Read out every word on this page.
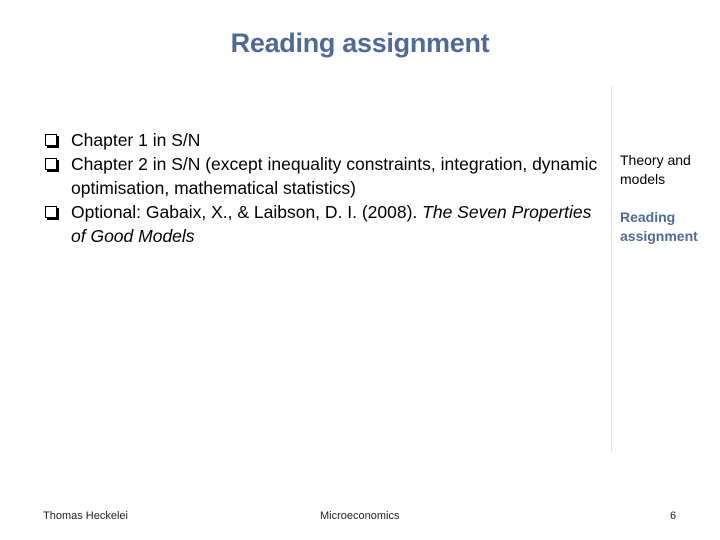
Reading assignment
Chapter 1 in S/N
Chapter 2 in S/N (except inequality constraints, integration, dynamic optimisation, mathematical statistics)
Optional: Gabaix, X., & Laibson, D. I. (2008). The Seven Properties of Good Models
Theory and models
Reading assignment
Thomas Heckelei	Microeconomics	6
